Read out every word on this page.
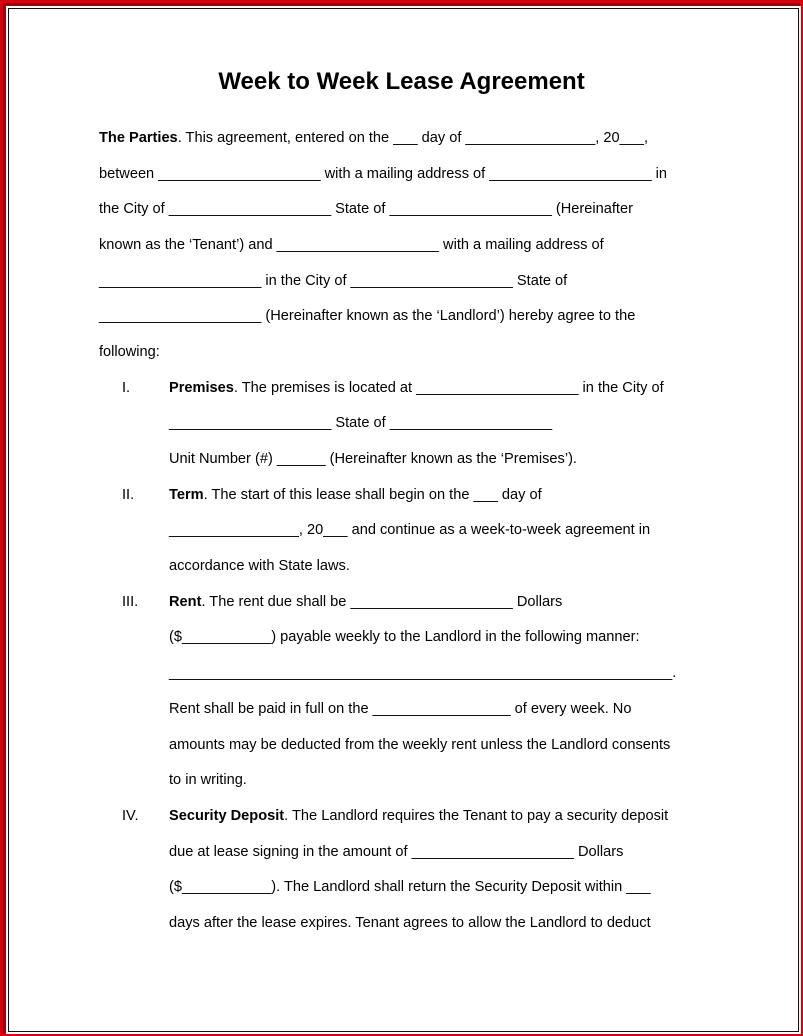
Week to Week Lease Agreement
The Parties. This agreement, entered on the ___ day of ________________, 20___,
between ____________________ with a mailing address of ____________________ in
the City of ____________________ State of ____________________ (Hereinafter
known as the ‘Tenant’) and ____________________ with a mailing address of
____________________ in the City of ____________________ State of
____________________ (Hereinafter known as the ‘Landlord’) hereby agree to the
following:
I.	Premises. The premises is located at ____________________ in the City of
____________________ State of ____________________
Unit Number (#) ______ (Hereinafter known as the ‘Premises’).
II. Term. The start of this lease shall begin on the ___ day of
________________, 20___ and continue as a week-to-week agreement in
accordance with State laws.
III. Rent. The rent due shall be ____________________ Dollars
($___________) payable weekly to the Landlord in the following manner:
______________________________________________________________.
Rent shall be paid in full on the _________________ of every week. No
amounts may be deducted from the weekly rent unless the Landlord consents
to in writing.
IV. Security Deposit. The Landlord requires the Tenant to pay a security deposit
due at lease signing in the amount of ____________________ Dollars
($___________). The Landlord shall return the Security Deposit within ___
days after the lease expires. Tenant agrees to allow the Landlord to deduct
